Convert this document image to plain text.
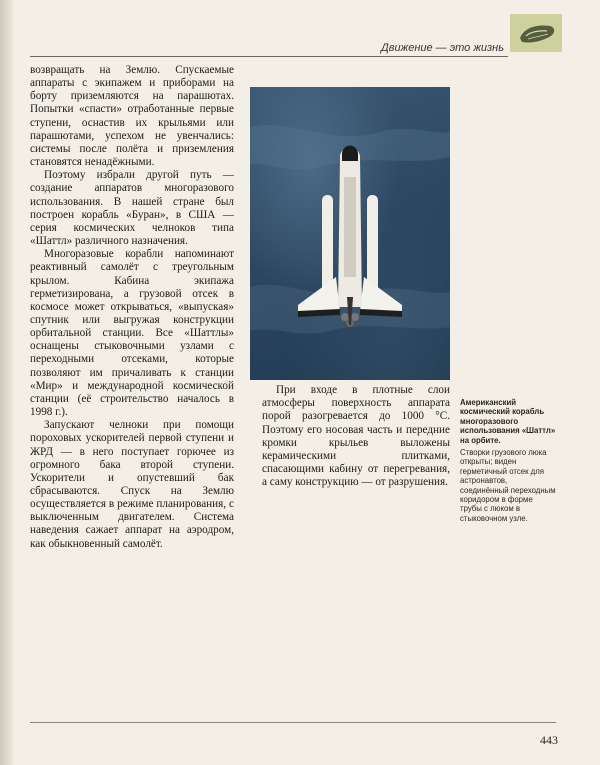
Движение — это жизнь

возвращать на Землю. Спускаемые аппараты с экипажем и приборами на борту приземляются на парашютах. Попытки «спасти» отработанные первые ступени, оснастив их крыльями или парашютами, успехом не увенчались: системы после полёта и приземления становятся ненадёжными.

Поэтому избрали другой путь — создание аппаратов многоразового использования. В нашей стране был построен корабль «Буран», в США — серия космических челноков типа «Шаттл» различного назначения.

Многоразовые корабли напоминают реактивный самолёт с треугольным крылом. Кабина экипажа герметизирована, а грузовой отсек в космосе может открываться, «выпуская» спутник или выгружая конструкции орбитальной станции. Все «Шаттлы» оснащены стыковочными узлами с переходными отсеками, которые позволяют им причаливать к станции «Мир» и международной космической станции (её строительство началось в 1998 г.).

Запускают челноки при помощи пороховых ускорителей первой ступени и ЖРД — в него поступает горючее из огромного бака второй ступени. Ускорители и опустевший бак сбрасываются. Спуск на Землю осуществляется в режиме планирования, с выключенным двигателем. Система наведения сажает аппарат на аэродром, как обыкновенный самолёт.

При входе в плотные слои атмосферы поверхность аппарата порой разогревается до 1000 °С. Поэтому его носовая часть и передние кромки крыльев выложены керамическими плитками, спасающими кабину от перегревания, а саму конструкцию — от разрушения.

Американский космический корабль многоразового использования «Шаттл» на орбите.
Створки грузового люка открыты; виден герметичный отсек для астронавтов, соединённый переходным коридором в форме трубы с люком в стыковочном узле.
443
